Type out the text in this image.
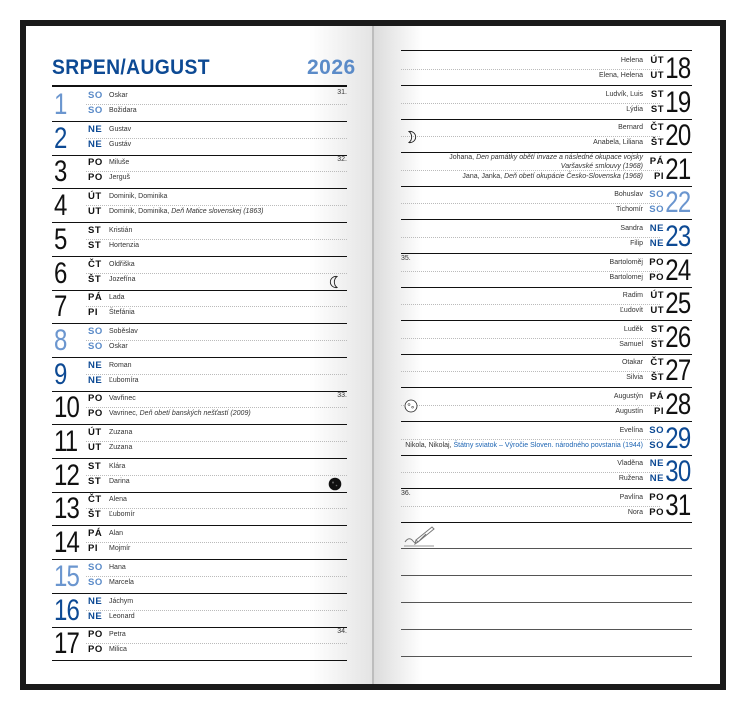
SRPEN/AUGUST	2026
1 SO
SO
Oskar
Božidara
31.
2 NE
NE
Gustav
Gustáv
3 PO
PO
Miluše
Jerguš
32.
4 ÚT
UT
Dominik, Dominika
Dominik, Dominika, Deň Matice slovenskej (1863)
5 ST
ST
Kristián
Hortenzia
6 ČT
ŠT
Oldřiška
Jozefína
7 PÁ
PI
Lada
Štefánia
8 SO
SO
Soběslav
Oskar
9 NE
NE
Roman
Ľubomíra
10 PO
PO
Vavřinec
Vavrinec, Deň obetí banských nešťastí (2009)
33.
11 ÚT
UT
Zuzana
Zuzana
12 ST
ST
Klára
Darina
13 ČT
ŠT
Alena
Ľubomír
14 PÁ
PI
Alan
Mojmír
15 SO
SO
Hana
Marcela
16 NE
NE
Jáchym
Leonard
17 PO
PO
Petra
Milica
34.
18
ÚT
UT
Helena
Elena, Helena
19
ST
ST
Ludvík, Luis
Lýdia
20
ČT
ŠT
Bernard
Anabela, Liliana
21
PÁ
PI
Johana, Den památky obětí invaze a následné okupace vojsky
Varšavské smlouvy (1968)
Jana, Janka, Deň obetí okupácie Česko-Slovenska (1968)
22
SO
SO
Bohuslav
Tichomír
23
NE
NE
Sandra
Filip
24
PO
PO
Bartoloměj
Bartolomej
35.
25
ÚT
UT
Radim
Ľudovít
26
ST
ST
Luděk
Samuel
27
ČT
ŠT
Otakar
Silvia
28
PÁ
PI
Augustýn
Augustín
29
SO
SO
Evelína
Nikola, Nikolaj, Štátny sviatok – Výročie Sloven. národného povstania (1944)
30
NE
NE
Vladěna
Ružena
31
PO
PO
Pavlína
Nora
36.
